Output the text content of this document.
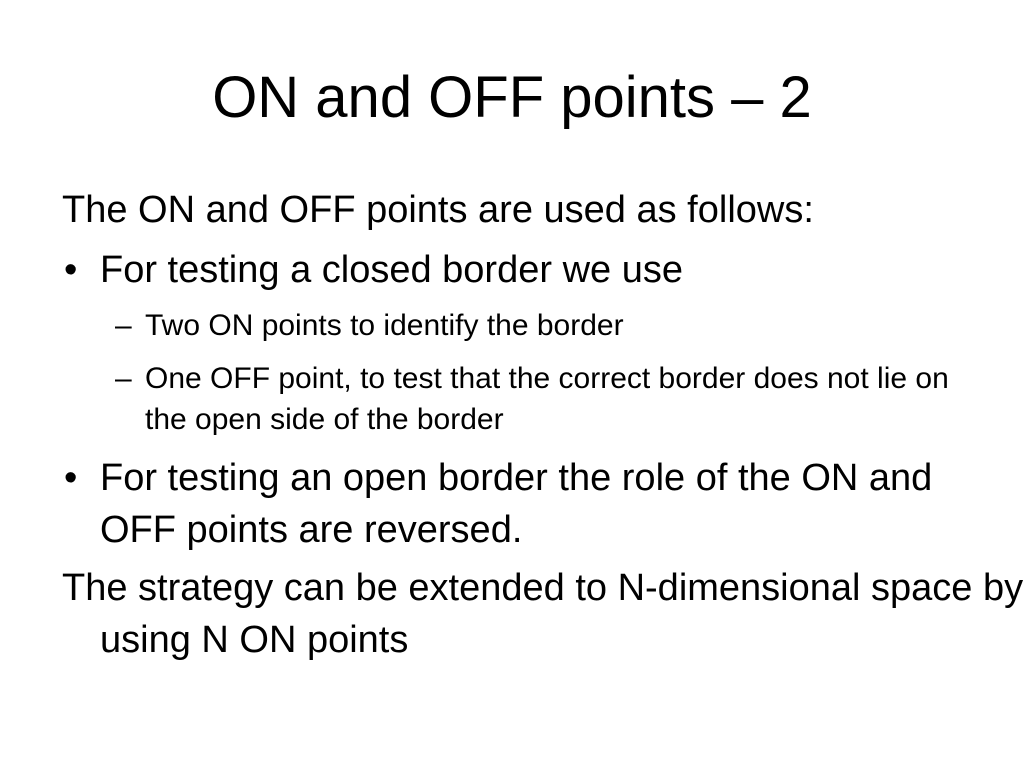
ON and OFF points – 2
The ON and OFF points are used as follows:
• For testing a closed border we use
– Two ON points to identify the border
– One OFF point, to test that the correct border does not lie on the open side of the border
• For testing an open border the role of the ON and OFF points are reversed.
The strategy can be extended to N-dimensional space by using N ON points
